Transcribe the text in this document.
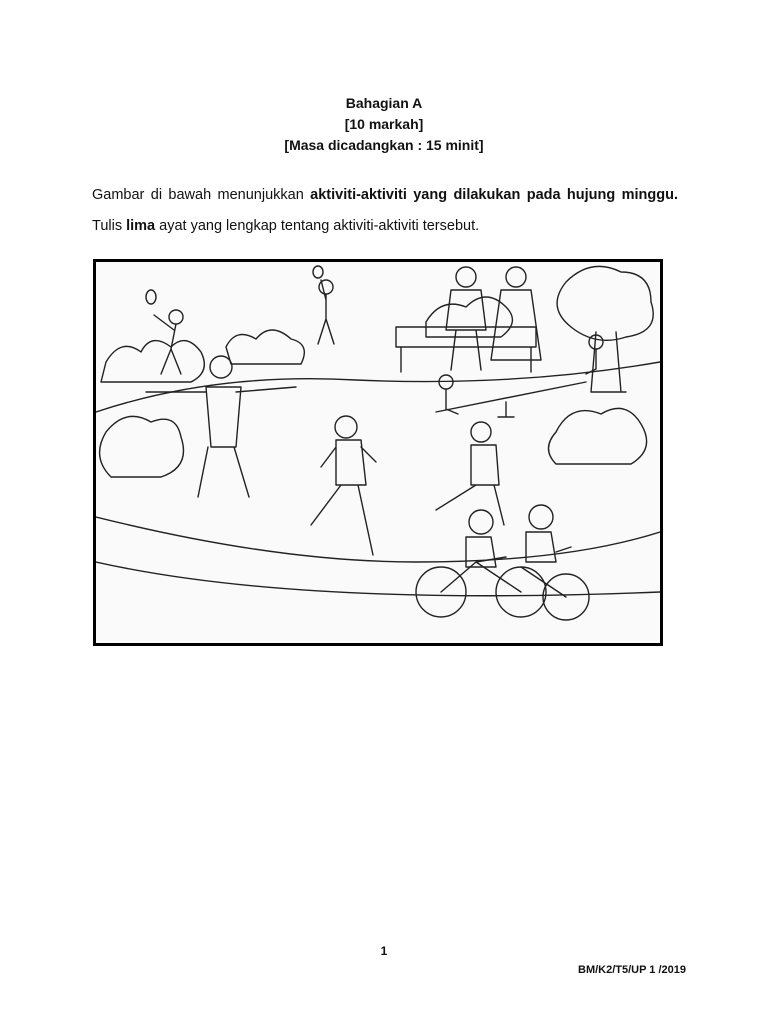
Bahagian A
[10 markah]
[Masa dicadangkan : 15 minit]
Gambar di bawah menunjukkan aktiviti-aktiviti yang dilakukan pada hujung minggu. Tulis lima ayat yang lengkap tentang aktiviti-aktiviti tersebut.
1
BM/K2/T5/UP 1 /2019
